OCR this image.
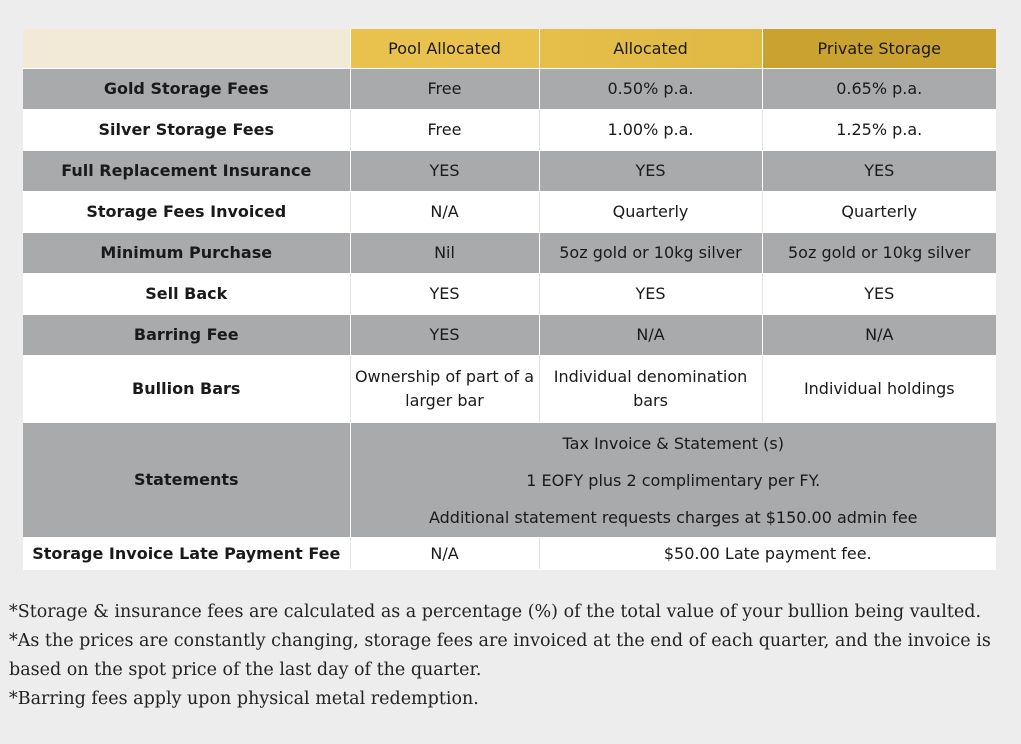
	Pool Allocated	Allocated	Private Storage
Gold Storage Fees	Free	0.50% p.a.	0.65% p.a.
Silver Storage Fees	Free	1.00% p.a.	1.25% p.a.
Full Replacement Insurance	YES	YES	YES
Storage Fees Invoiced	N/A	Quarterly	Quarterly
Minimum Purchase	Nil	5oz gold or 10kg silver	5oz gold or 10kg silver
Sell Back	YES	YES	YES
Barring Fee	YES	N/A	N/A
Bullion Bars	Ownership of part of a larger bar	Individual denomination bars	Individual holdings
Statements	Tax Invoice & Statement (s)
1 EOFY plus 2 complimentary per FY.
Additional statement requests charges at $150.00 admin fee		

Storage Invoice Late Payment Fee	N/A	$50.00 Late payment fee.	
*Storage & insurance fees are calculated as a percentage (%) of the total value of your bullion being vaulted.
*As the prices are constantly changing, storage fees are invoiced at the end of each quarter, and the invoice is based on the spot price of the last day of the quarter.
*Barring fees apply upon physical metal redemption.
